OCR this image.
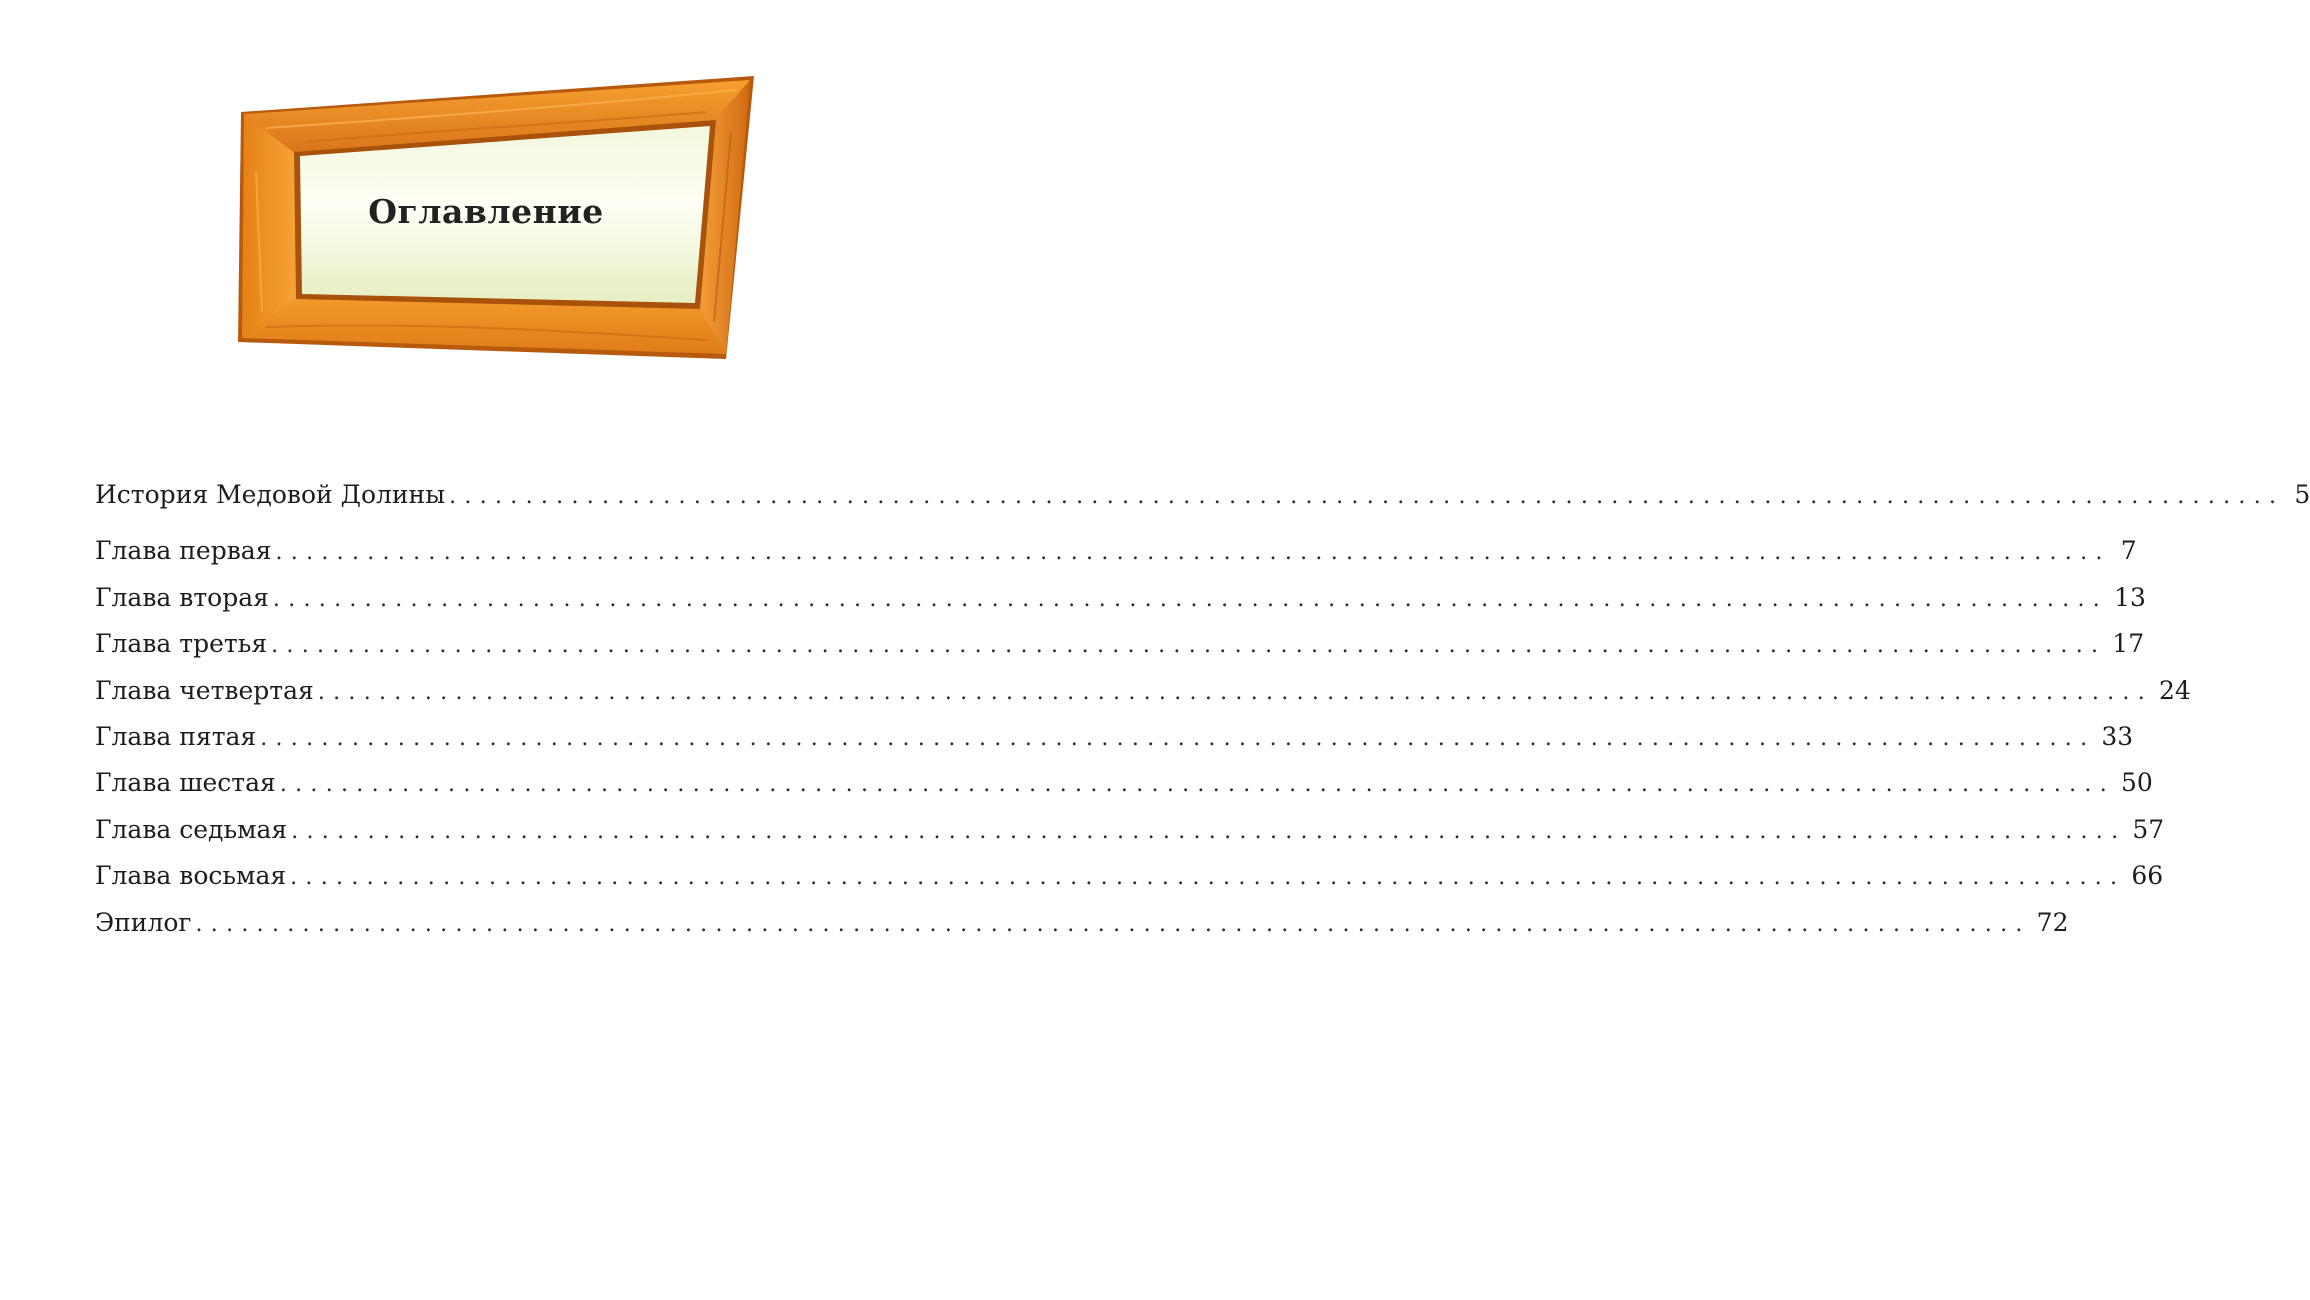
Оглавление
История Медовой Долины ........................................................................................................................ 5
Глава первая ........................................................................................................................ 7
Глава вторая ........................................................................................................................ 13
Глава третья ........................................................................................................................ 17
Глава четвертая ........................................................................................................................ 24
Глава пятая ........................................................................................................................ 33
Глава шестая ........................................................................................................................ 50
Глава седьмая ........................................................................................................................ 57
Глава восьмая ........................................................................................................................ 66
Эпилог ........................................................................................................................ 72
